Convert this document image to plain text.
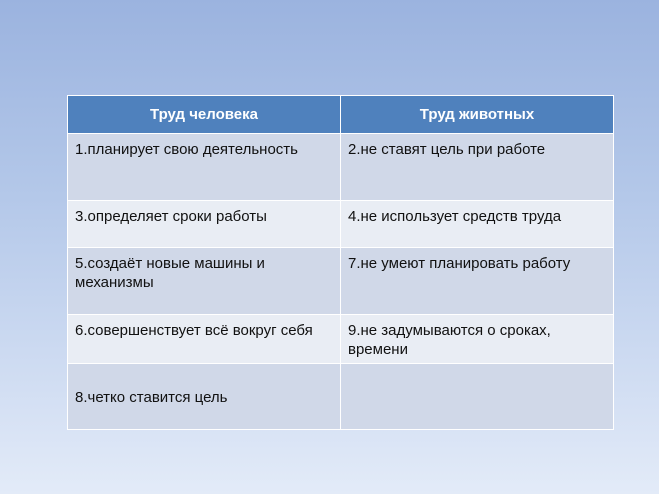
Труд человека	Труд животных
1.планирует свою деятельность	2.не ставят цель при работе
3.определяет сроки работы	4.не использует средств труда
5.создаёт новые машины и механизмы	7.не умеют планировать работу
6.совершенствует всё вокруг себя	9.не задумываются о сроках, времени
8.четко ставится цель	
